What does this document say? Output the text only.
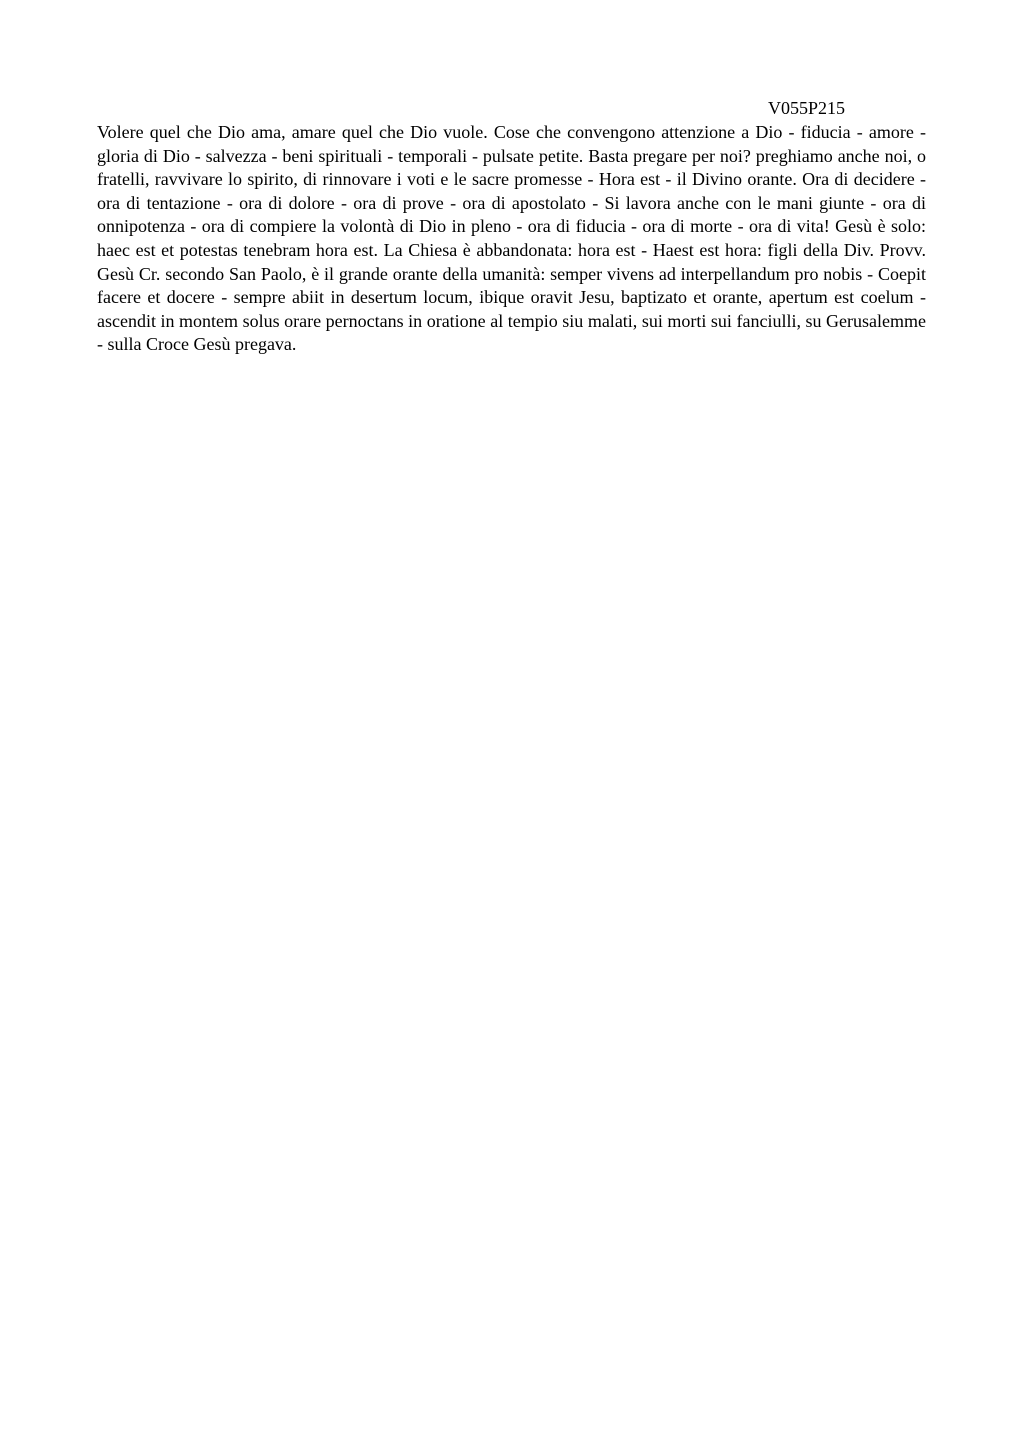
V055P215

Volere quel che Dio ama, amare quel che Dio vuole. Cose che convengono attenzione a Dio - fiducia - amore - gloria di Dio - salvezza - beni spirituali - temporali - pulsate petite. Basta pregare per noi? preghiamo anche noi, o fratelli, ravvivare lo spirito, di rinnovare i voti e le sacre promesse - Hora est - il Divino orante. Ora di decidere - ora di tentazione - ora di dolore - ora di prove - ora di apostolato - Si lavora anche con le mani giunte - ora di onnipotenza - ora di compiere la volontà di Dio in pleno - ora di fiducia - ora di morte - ora di vita! Gesù è solo: haec est et potestas tenebram hora est. La Chiesa è abbandonata: hora est - Haest est hora: figli della Div. Provv. Gesù Cr. secondo San Paolo, è il grande orante della umanità: semper vivens ad interpellandum pro nobis - Coepit facere et docere - sempre abiit in desertum locum, ibique oravit Jesu, baptizato et orante, apertum est coelum - ascendit in montem solus orare pernoctans in oratione al tempio siu malati, sui morti sui fanciulli, su Gerusalemme - sulla Croce Gesù pregava.
